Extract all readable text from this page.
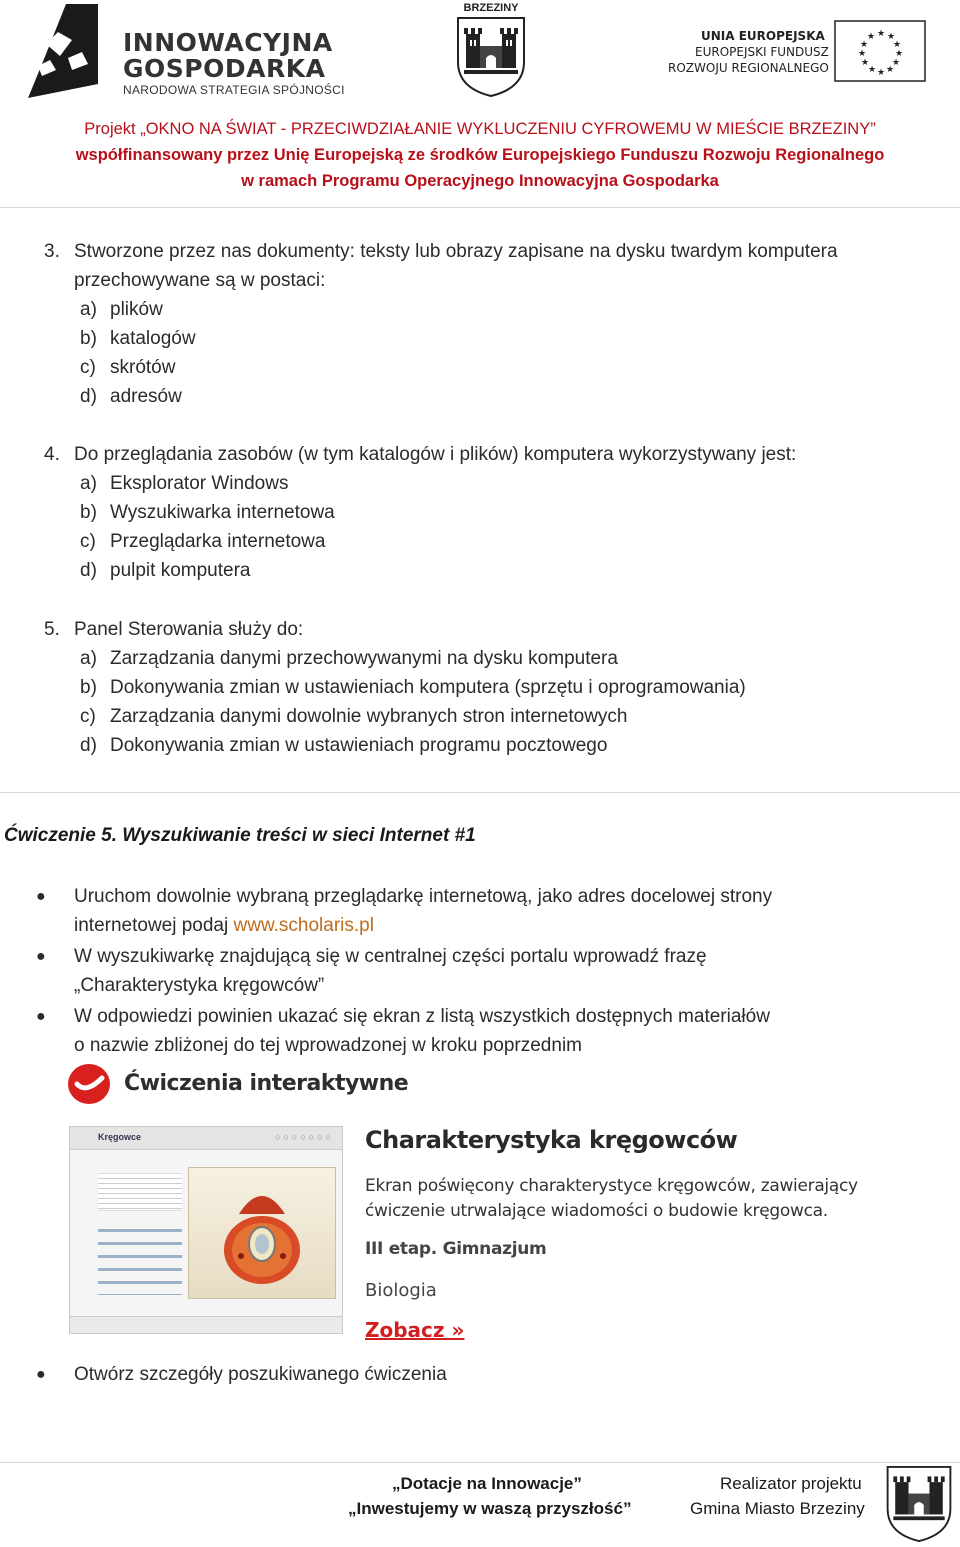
INNOWACYJNA
GOSPODARKA
NARODOWA STRATEGIA SPÓJNOŚCI
BRZEZINY
UNIA EUROPEJSKA
EUROPEJSKI FUNDUSZ
ROZWOJU REGIONALNEGO
★ ★
★
★
★
★
★
★
★
★
★
★
Projekt „OKNO NA ŚWIAT - PRZECIWDZIAŁANIE WYKLUCZENIU CYFROWEMU W MIEŚCIE BRZEZINY”
współfinansowany przez Unię Europejską ze środków Europejskiego Funduszu Rozwoju Regionalnego
w ramach Programu Operacyjnego Innowacyjna Gospodarka
3. Stworzone przez nas dokumenty: teksty lub obrazy zapisane na dysku twardym komputera
przechowywane są w postaci:
a) plików
b) katalogów
c) skrótów
d) adresów
4. Do przeglądania zasobów (w tym katalogów i plików) komputera wykorzystywany jest:
a) Eksplorator Windows
b) Wyszukiwarka internetowa
c) Przeglądarka internetowa
d) pulpit komputera
5. Panel Sterowania służy do:
a) Zarządzania danymi przechowywanymi na dysku komputera
b) Dokonywania zmian w ustawieniach komputera (sprzętu i oprogramowania)
c) Zarządzania danymi dowolnie wybranych stron internetowych
d) Dokonywania zmian w ustawieniach programu pocztowego
Ćwiczenie 5. Wyszukiwanie treści w sieci Internet #1
● Uruchom dowolnie wybraną przeglądarkę internetową, jako adres docelowej strony
internetowej podaj www.scholaris.pl
● W wyszukiwarkę znajdującą się w centralnej części portalu wprowadź frazę
„Charakterystyka kręgowców”
● W odpowiedzi powinien ukazać się ekran z listą wszystkich dostępnych materiałów
o nazwie zbliżonej do tej wprowadzonej w kroku poprzednim
Ćwiczenia interaktywne
Kręgowce	○○○○○○○ Charakterystyka kręgowców
Ekran poświęcony charakterystyce kręgowców, zawierający
ćwiczenie utrwalające wiadomości o budowie kręgowca.
III etap. Gimnazjum
Biologia
Zobacz »
● Otwórz szczegóły poszukiwanego ćwiczenia
„Dotacje na Innowacje”
„Inwestujemy w waszą przyszłość”
Realizator projektu
Gmina Miasto Brzeziny
